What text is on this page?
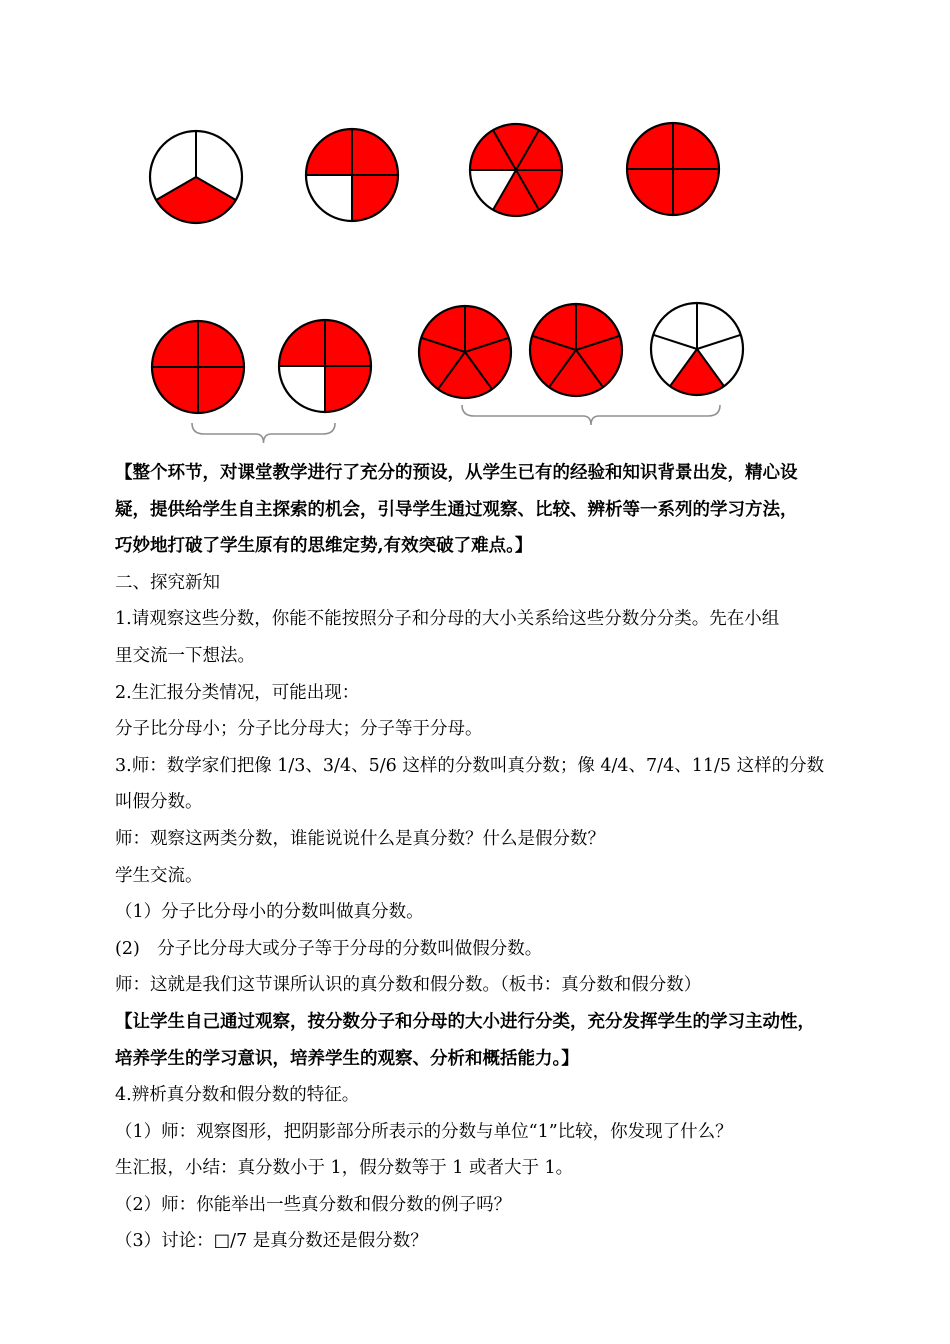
【整个环节，对课堂教学进行了充分的预设，从学生已有的经验和知识背景出发，精心设
疑，提供给学生自主探索的机会，引导学生通过观察、比较、辨析等一系列的学习方法，
巧妙地打破了学生原有的思维定势,有效突破了难点。】
二、探究新知
1.请观察这些分数，你能不能按照分子和分母的大小关系给这些分数分分类。先在小组
里交流一下想法。
2.生汇报分类情况，可能出现：
分子比分母小；分子比分母大；分子等于分母。
3.师：数学家们把像 1/3、3/4、5/6 这样的分数叫真分数；像 4/4、7/4、11/5 这样的分数
叫假分数。
师：观察这两类分数，谁能说说什么是真分数？什么是假分数？
学生交流。
（1）分子比分母小的分数叫做真分数。
(2)　分子比分母大或分子等于分母的分数叫做假分数。
师：这就是我们这节课所认识的真分数和假分数。（板书：真分数和假分数）
【让学生自己通过观察，按分数分子和分母的大小进行分类，充分发挥学生的学习主动性，
培养学生的学习意识，培养学生的观察、分析和概括能力。】
4.辨析真分数和假分数的特征。
（1）师：观察图形，把阴影部分所表示的分数与单位“1”比较，你发现了什么？
生汇报，小结：真分数小于 1，假分数等于 1 或者大于 1。
（2）师：你能举出一些真分数和假分数的例子吗？
（3）讨论：□/7 是真分数还是假分数？
